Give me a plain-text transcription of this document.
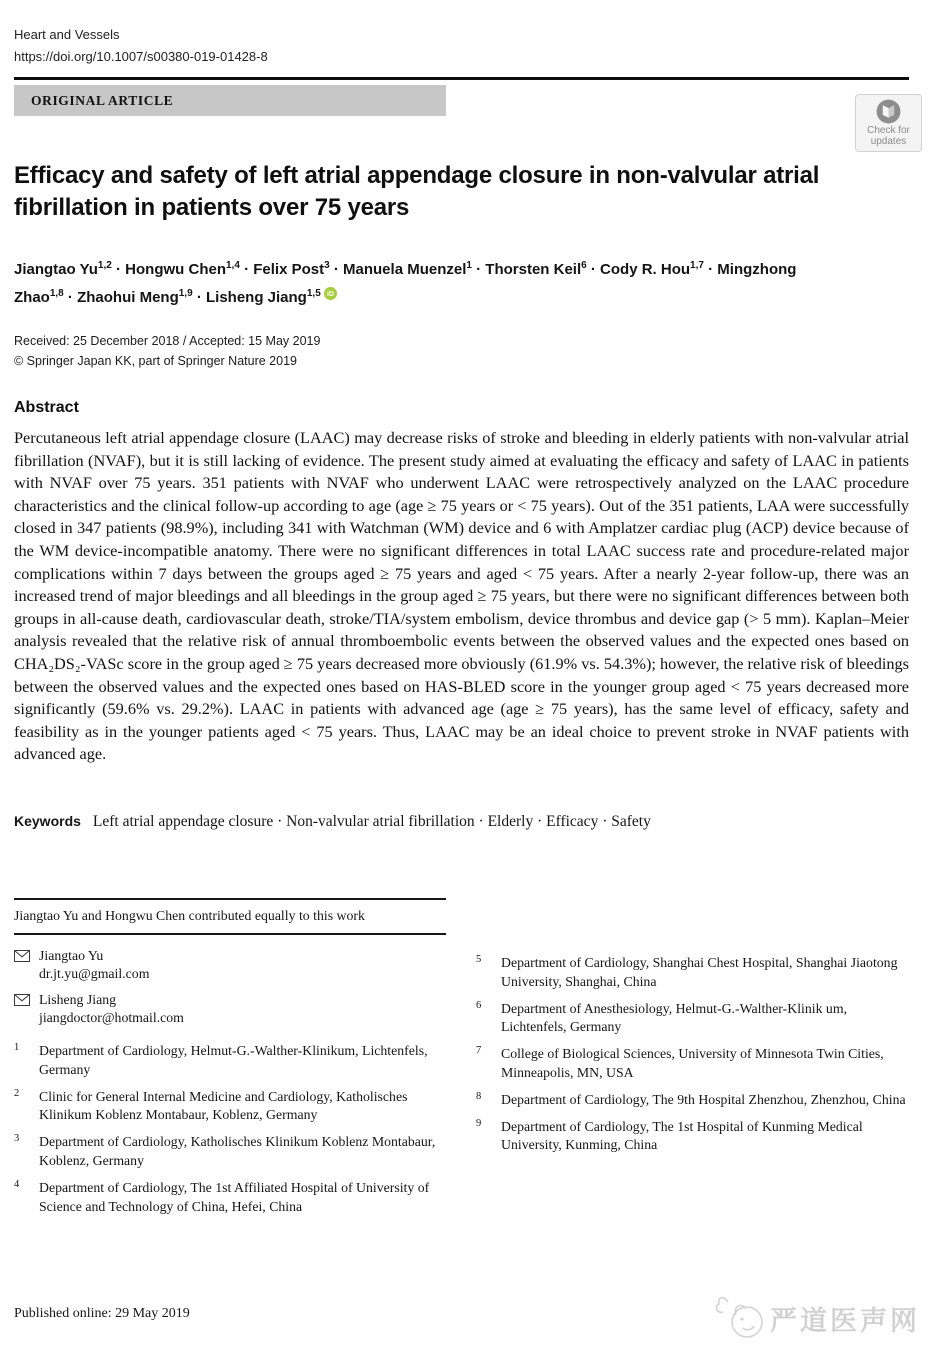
Heart and Vessels
https://doi.org/10.1007/s00380-019-01428-8
ORIGINAL ARTICLE
Check for
updates
Efficacy and safety of left atrial appendage closure in non-valvular atrial fibrillation in patients over 75 years
Jiangtao Yu$^{1,2}$ · Hongwu Chen$^{1,4}$ · Felix Post$^3$ · Manuela Muenzel$^1$ · Thorsten Keil$^6$ · Cody R. Hou$^{1,7}$ · Mingzhong Zhao$^{1,8}$ · Zhaohui Meng$^{1,9}$ · Lisheng Jiang$^{1,5}$ iD
Received: 25 December 2018 / Accepted: 15 May 2019
© Springer Japan KK, part of Springer Nature 2019
Abstract
Percutaneous left atrial appendage closure (LAAC) may decrease risks of stroke and bleeding in elderly patients with non-valvular atrial fibrillation (NVAF), but it is still lacking of evidence. The present study aimed at evaluating the efficacy and safety of LAAC in patients with NVAF over 75 years. 351 patients with NVAF who underwent LAAC were retrospectively analyzed on the LAAC procedure characteristics and the clinical follow-up according to age (age ≥ 75 years or < 75 years). Out of the 351 patients, LAA were successfully closed in 347 patients (98.9%), including 341 with Watchman (WM) device and 6 with Amplatzer cardiac plug (ACP) device because of the WM device-incompatible anatomy. There were no significant differences in total LAAC success rate and procedure-related major complications within 7 days between the groups aged ≥ 75 years and aged < 75 years. After a nearly 2-year follow-up, there was an increased trend of major bleedings and all bleedings in the group aged ≥ 75 years, but there were no significant differences between both groups in all-cause death, cardiovascular death, stroke/TIA/system embolism, device thrombus and device gap (> 5 mm). Kaplan–Meier analysis revealed that the relative risk of annual thromboembolic events between the observed values and the expected ones based on CHA₂DS₂-VASc score in the group aged ≥ 75 years decreased more obviously (61.9% vs. 54.3%); however, the relative risk of bleedings between the observed values and the expected ones based on HAS-BLED score in the younger group aged < 75 years decreased more significantly (59.6% vs. 29.2%). LAAC in patients with advanced age (age ≥ 75 years), has the same level of efficacy, safety and feasibility as in the younger patients aged < 75 years. Thus, LAAC may be an ideal choice to prevent stroke in NVAF patients with advanced age.
Keywords Left atrial appendage closure · Non-valvular atrial fibrillation · Elderly · Efficacy · Safety
Jiangtao Yu and Hongwu Chen contributed equally to this work
Jiangtao Yu
dr.jt.yu@gmail.com
Lisheng Jiang
jiangdoctor@hotmail.com
1	Department of Cardiology, Helmut-G.-Walther-Klinikum, Lichtenfels, Germany
2	Clinic for General Internal Medicine and Cardiology, Katholisches Klinikum Koblenz Montabaur, Koblenz, Germany
3	Department of Cardiology, Katholisches Klinikum Koblenz Montabaur, Koblenz, Germany
4	Department of Cardiology, The 1st Affiliated Hospital of University of Science and Technology of China, Hefei, China
5	Department of Cardiology, Shanghai Chest Hospital, Shanghai Jiaotong University, Shanghai, China
6	Department of Anesthesiology, Helmut-G.-Walther-Klinik um, Lichtenfels, Germany
7	College of Biological Sciences, University of Minnesota Twin Cities, Minneapolis, MN, USA
8	Department of Cardiology, The 9th Hospital Zhenzhou, Zhenzhou, China
9	Department of Cardiology, The 1st Hospital of Kunming Medical University, Kunming, China
Published online: 29 May 2019	严道医声网
